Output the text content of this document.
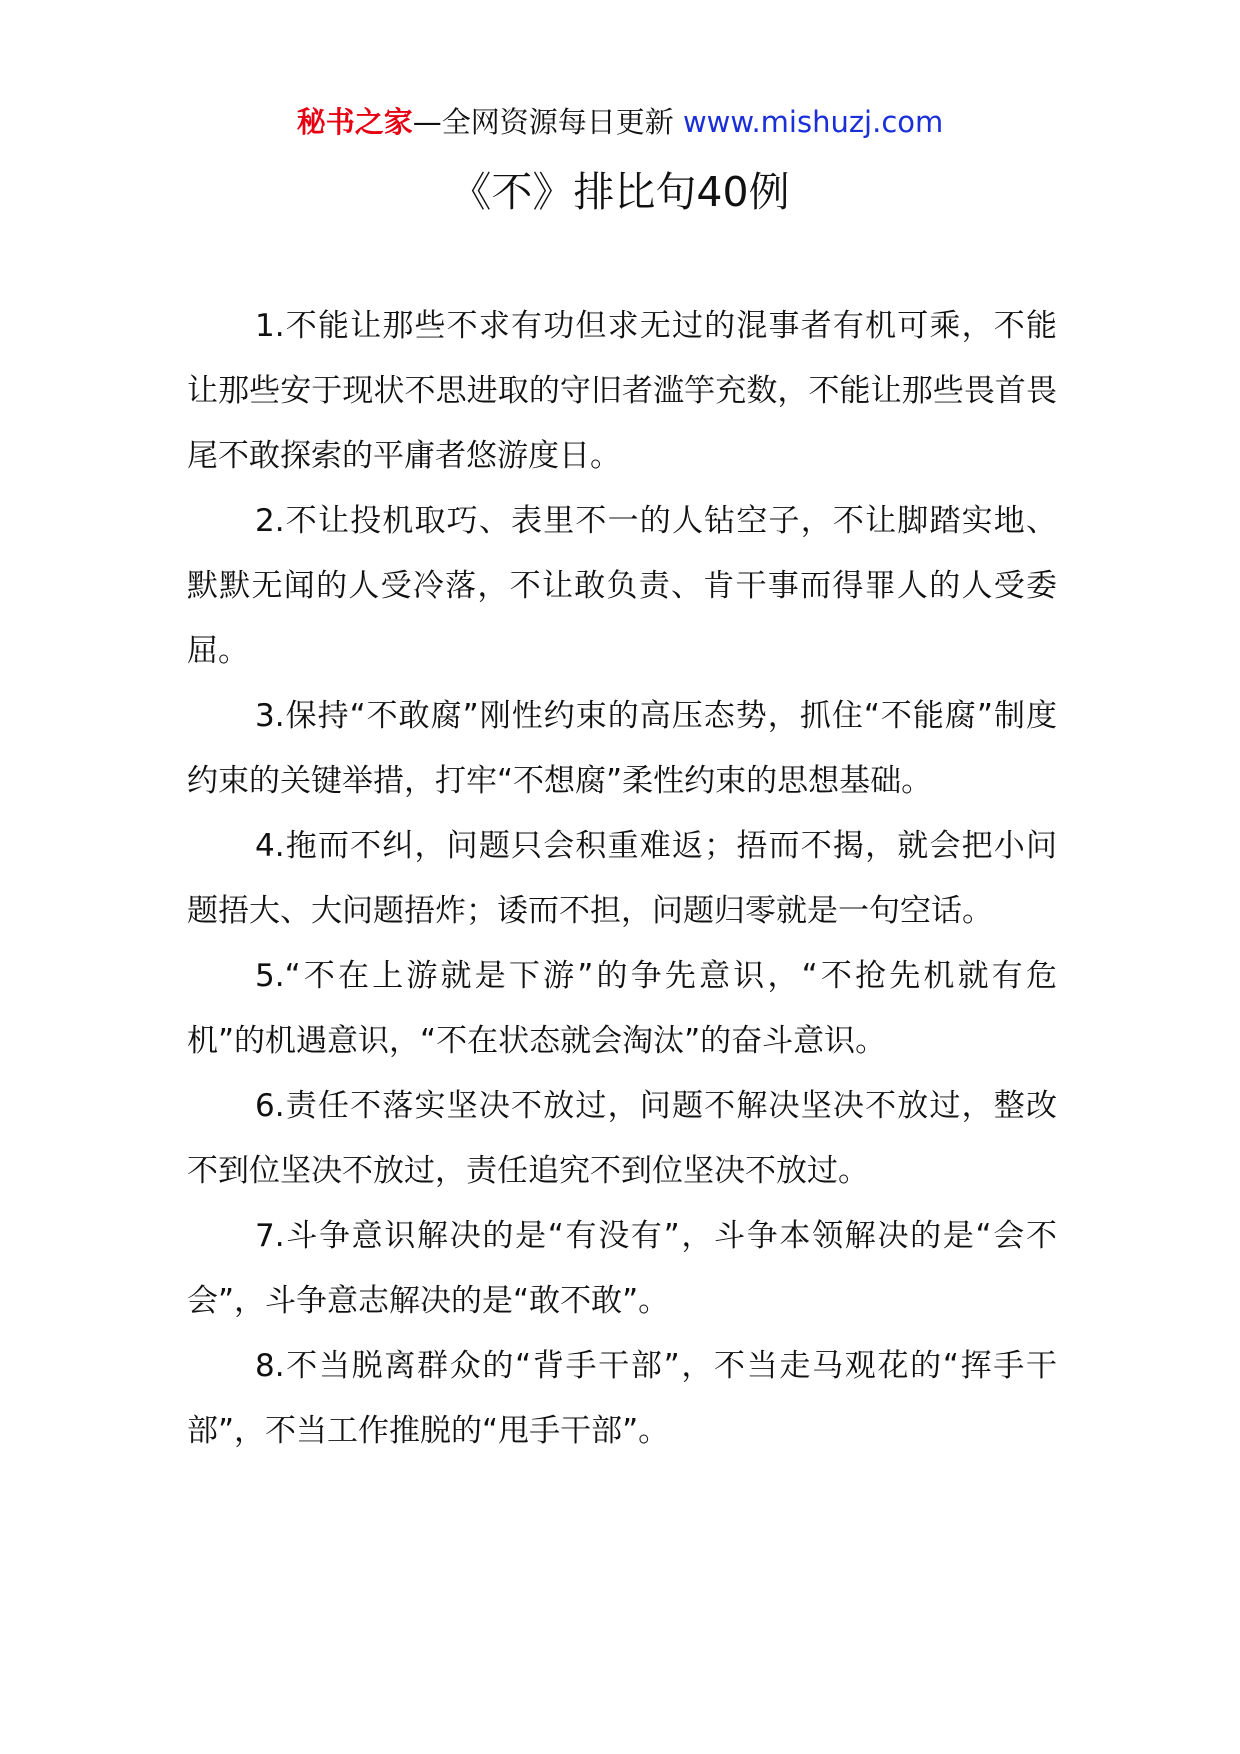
秘书之家—全网资源每日更新 www.mishuzj.com
《不》排比句40例

1.不能让那些不求有功但求无过的混事者有机可乘，不能让那些安于现状不思进取的守旧者滥竽充数，不能让那些畏首畏尾不敢探索的平庸者悠游度日。

2.不让投机取巧、表里不一的人钻空子，不让脚踏实地、默默无闻的人受冷落，不让敢负责、肯干事而得罪人的人受委屈。

3.保持“不敢腐”刚性约束的高压态势，抓住“不能腐”制度约束的关键举措，打牢“不想腐”柔性约束的思想基础。

4.拖而不纠，问题只会积重难返；捂而不揭，就会把小问题捂大、大问题捂炸；诿而不担，问题归零就是一句空话。

5.“不在上游就是下游”的争先意识，“不抢先机就有危机”的机遇意识，“不在状态就会淘汰”的奋斗意识。

6.责任不落实坚决不放过，问题不解决坚决不放过，整改不到位坚决不放过，责任追究不到位坚决不放过。

7.斗争意识解决的是“有没有”，斗争本领解决的是“会不会”，斗争意志解决的是“敢不敢”。

8.不当脱离群众的“背手干部”，不当走马观花的“挥手干部”，不当工作推脱的“甩手干部”。
